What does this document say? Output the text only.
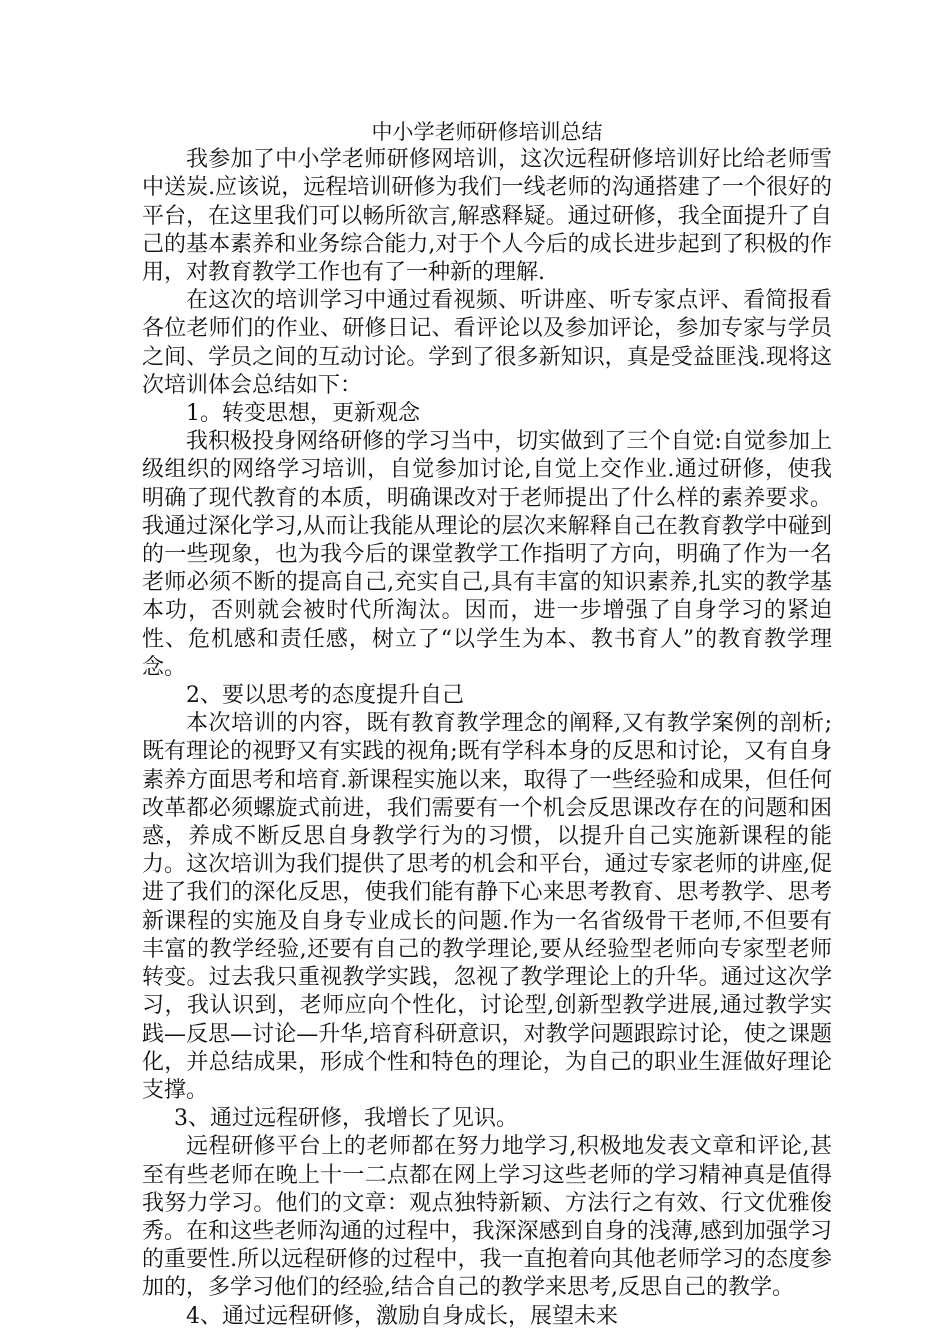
中小学老师研修培训总结

我参加了中小学老师研修网培训，这次远程研修培训好比给老师雪中送炭.应该说，远程培训研修为我们一线老师的沟通搭建了一个很好的平台，在这里我们可以畅所欲言,解惑释疑。通过研修，我全面提升了自己的基本素养和业务综合能力,对于个人今后的成长进步起到了积极的作用，对教育教学工作也有了一种新的理解.

在这次的培训学习中通过看视频、听讲座、听专家点评、看简报看各位老师们的作业、研修日记、看评论以及参加评论，参加专家与学员之间、学员之间的互动讨论。学到了很多新知识，真是受益匪浅.现将这次培训体会总结如下：

1。转变思想，更新观念

我积极投身网络研修的学习当中，切实做到了三个自觉:自觉参加上级组织的网络学习培训，自觉参加讨论,自觉上交作业.通过研修，使我明确了现代教育的本质，明确课改对于老师提出了什么样的素养要求。我通过深化学习,从而让我能从理论的层次来解释自己在教育教学中碰到的一些现象，也为我今后的课堂教学工作指明了方向，明确了作为一名老师必须不断的提高自己,充实自己,具有丰富的知识素养,扎实的教学基本功，否则就会被时代所淘汰。因而，进一步增强了自身学习的紧迫性、危机感和责任感，树立了“以学生为本、教书育人”的教育教学理念。

2、要以思考的态度提升自己

本次培训的内容，既有教育教学理念的阐释,又有教学案例的剖析;既有理论的视野又有实践的视角;既有学科本身的反思和讨论，又有自身素养方面思考和培育.新课程实施以来，取得了一些经验和成果，但任何改革都必须螺旋式前进，我们需要有一个机会反思课改存在的问题和困惑，养成不断反思自身教学行为的习惯，以提升自己实施新课程的能力。这次培训为我们提供了思考的机会和平台，通过专家老师的讲座,促进了我们的深化反思，使我们能有静下心来思考教育、思考教学、思考新课程的实施及自身专业成长的问题.作为一名省级骨干老师,不但要有丰富的教学经验,还要有自己的教学理论,要从经验型老师向专家型老师转变。过去我只重视教学实践，忽视了教学理论上的升华。通过这次学习，我认识到，老师应向个性化，讨论型,创新型教学进展,通过教学实践—反思—讨论—升华,培育科研意识，对教学问题跟踪讨论，使之课题化，并总结成果，形成个性和特色的理论，为自己的职业生涯做好理论支撑。

3、通过远程研修，我增长了见识。

远程研修平台上的老师都在努力地学习,积极地发表文章和评论,甚至有些老师在晚上十一二点都在网上学习这些老师的学习精神真是值得我努力学习。他们的文章：观点独特新颖、方法行之有效、行文优雅俊秀。在和这些老师沟通的过程中，我深深感到自身的浅薄,感到加强学习的重要性.所以远程研修的过程中，我一直抱着向其他老师学习的态度参加的，多学习他们的经验,结合自己的教学来思考,反思自己的教学。

4、通过远程研修，激励自身成长，展望未来
